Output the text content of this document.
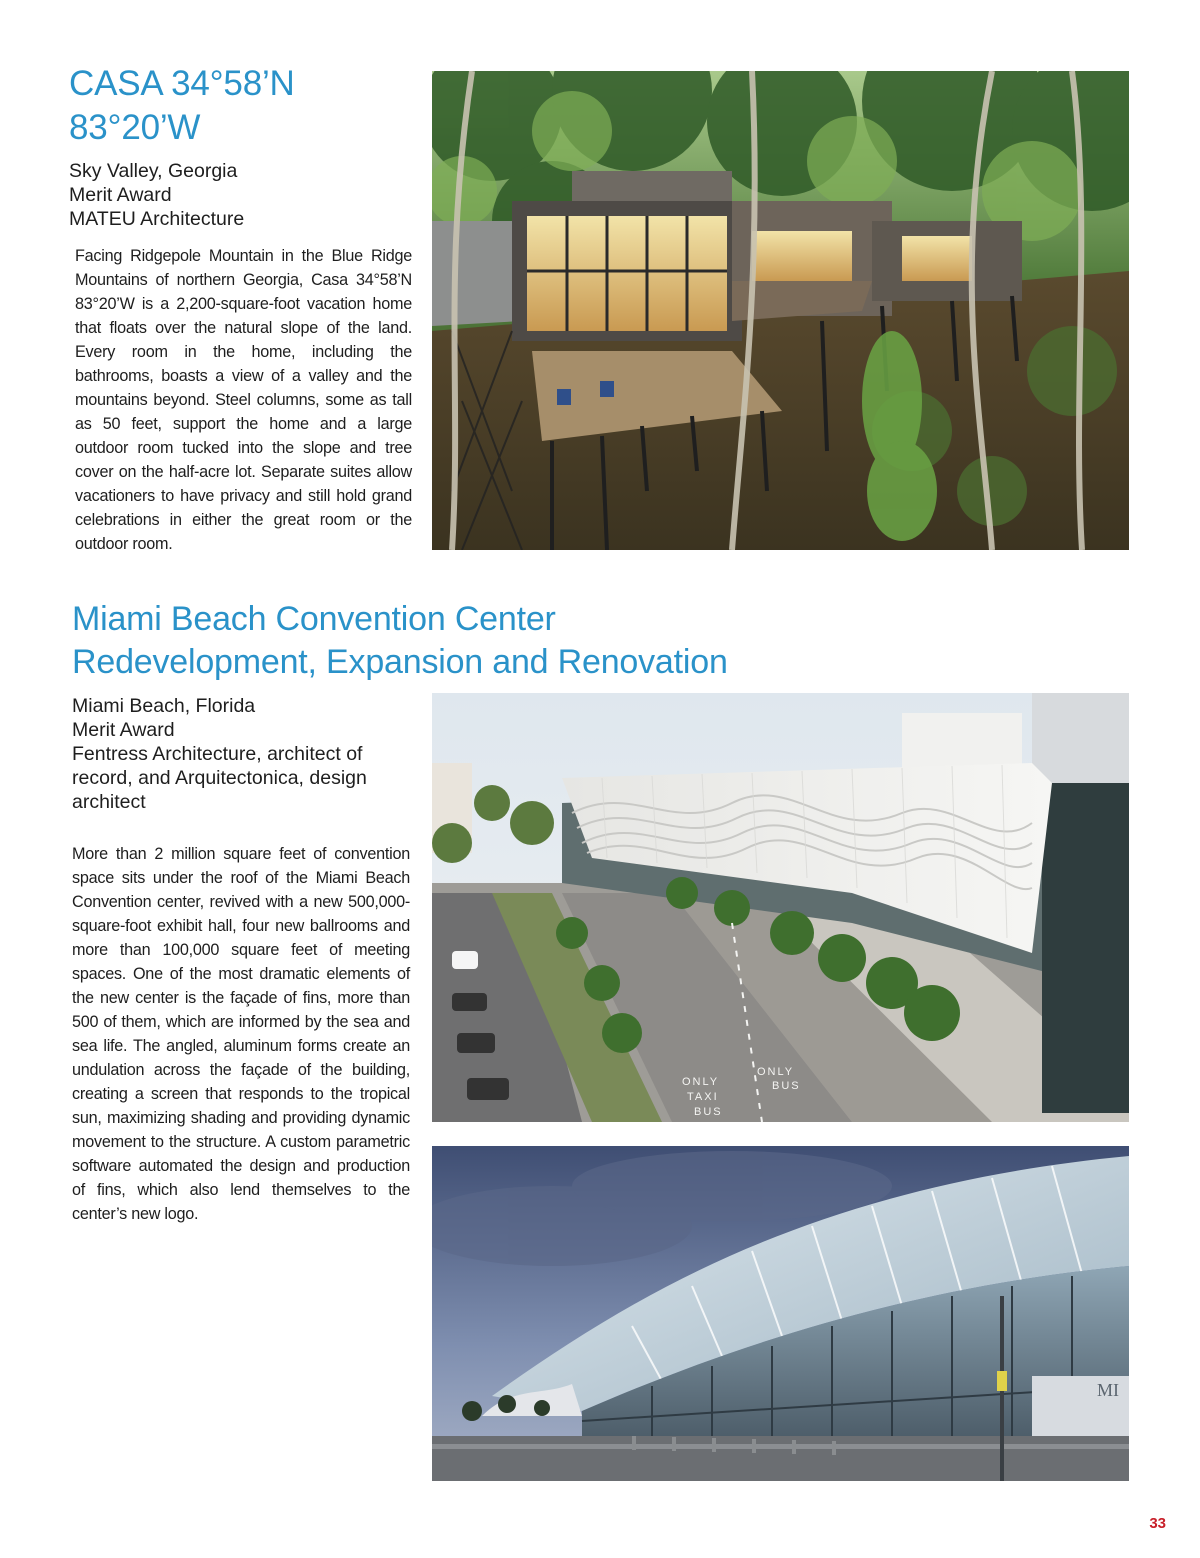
CASA 34°58’N
83°20’W
Sky Valley, Georgia
Merit Award
MATEU Architecture

Facing Ridgepole Mountain in the Blue Ridge Mountains of northern Georgia, Casa 34°58’N 83°20’W is a 2,200-square-foot vacation home that floats over the natural slope of the land. Every room in the home, including the bathrooms, boasts a view of a valley and the mountains beyond. Steel columns, some as tall as 50 feet, support the home and a large outdoor room tucked into the slope and tree cover on the half-acre lot. Separate suites allow vacationers to have privacy and still hold grand celebrations in either the great room or the outdoor room.

Miami Beach Convention Center
Redevelopment, Expansion and Renovation
Miami Beach, Florida
Merit Award
Fentress Architecture, architect of
record, and Arquitectonica, design
architect

More than 2 million square feet of convention space sits under the roof of the Miami Beach Convention center, revived with a new 500,000-square-foot exhibit hall, four new ballrooms and more than 100,000 square feet of meeting spaces. One of the most dramatic elements of the new center is the façade of fins, more than 500 of them, which are informed by the sea and sea life. The angled, aluminum forms create an undulation across the façade of the building, creating a screen that responds to the tropical sun, maximizing shading and providing dynamic movement to the structure. A custom parametric software automated the design and production of fins, which also lend themselves to the center’s new logo.

ONLY
TAXI
BUS
ONLY
BUS
MI
33
